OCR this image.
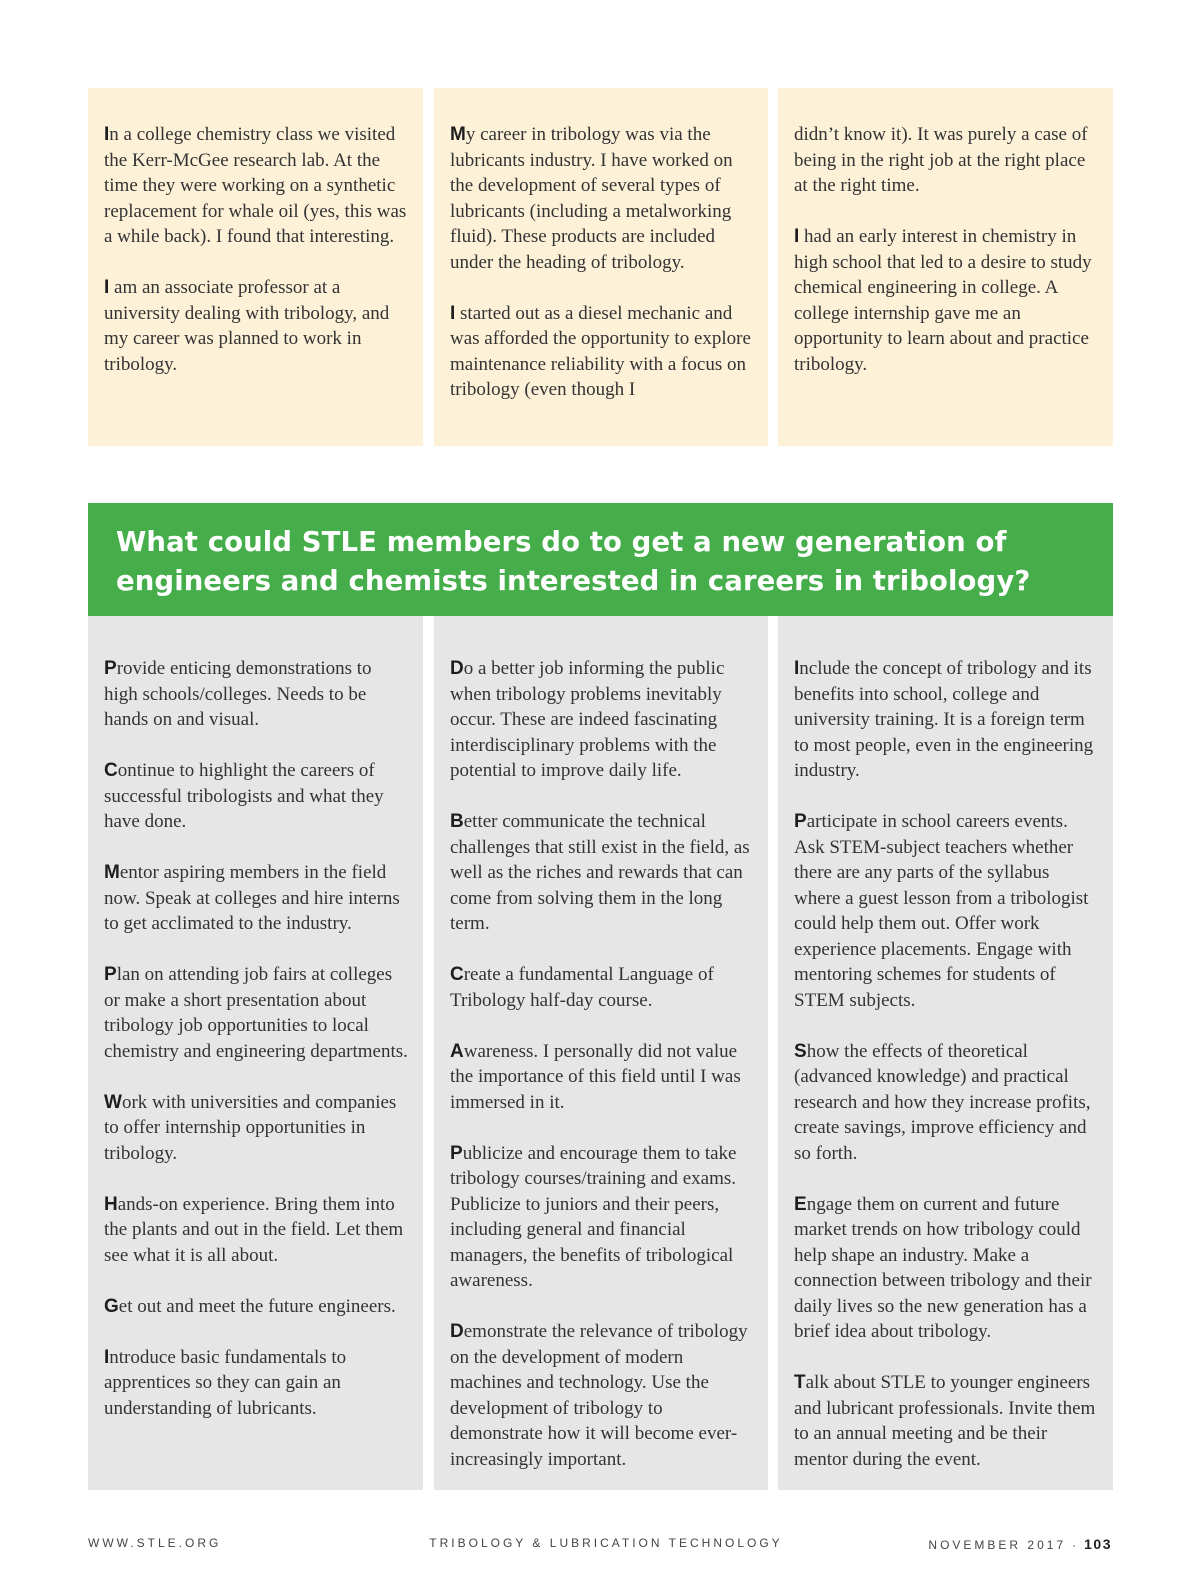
In a college chemistry class we visited the Kerr-McGee research lab. At the time they were working on a synthetic replacement for whale oil (yes, this was a while back). I found that interesting.

I am an associate professor at a university dealing with tribology, and my career was planned to work in tribology.

My career in tribology was via the lubricants industry. I have worked on the development of several types of lubricants (including a metalworking fluid). These products are included under the heading of tribology.

I started out as a diesel mechanic and was afforded the opportunity to explore maintenance reliability with a focus on tribology (even though I

didn’t know it). It was purely a case of being in the right job at the right place at the right time.

I had an early interest in chemistry in high school that led to a desire to study chemical engineering in college. A college internship gave me an opportunity to learn about and practice tribology.

What could STLE members do to get a new generation of engineers and chemists interested in careers in tribology?

Provide enticing demonstrations to high schools/colleges. Needs to be hands on and visual.

Continue to highlight the careers of successful tribologists and what they have done.

Mentor aspiring members in the field now. Speak at colleges and hire interns to get acclimated to the industry.

Plan on attending job fairs at colleges or make a short presentation about tribology job opportunities to local chemistry and engineering departments.

Work with universities and companies to offer internship opportunities in tribology.

Hands-on experience. Bring them into the plants and out in the field. Let them see what it is all about.

Get out and meet the future engineers.

Introduce basic fundamentals to apprentices so they can gain an understanding of lubricants.

Do a better job informing the public when tribology problems inevitably occur. These are indeed fascinating interdisciplinary problems with the potential to improve daily life.

Better communicate the technical challenges that still exist in the field, as well as the riches and rewards that can come from solving them in the long term.

Create a fundamental Language of Tribology half-day course.

Awareness. I personally did not value the importance of this field until I was immersed in it.

Publicize and encourage them to take tribology courses/training and exams. Publicize to juniors and their peers, including general and financial managers, the benefits of tribological awareness.

Demonstrate the relevance of tribology on the development of modern machines and technology. Use the development of tribology to demonstrate how it will become ever-increasingly important.

Include the concept of tribology and its benefits into school, college and university training. It is a foreign term to most people, even in the engineering industry.

Participate in school careers events. Ask STEM-subject teachers whether there are any parts of the syllabus where a guest lesson from a tribologist could help them out. Offer work experience placements. Engage with mentoring schemes for students of STEM subjects.

Show the effects of theoretical (advanced knowledge) and practical research and how they increase profits, create savings, improve efficiency and so forth.

Engage them on current and future market trends on how tribology could help shape an industry. Make a connection between tribology and their daily lives so the new generation has a brief idea about tribology.

Talk about STLE to younger engineers and lubricant professionals. Invite them to an annual meeting and be their mentor during the event.

WWW.STLE.ORG	TRIBOLOGY & LUBRICATION TECHNOLOGY	NOVEMBER 2017 · 103
